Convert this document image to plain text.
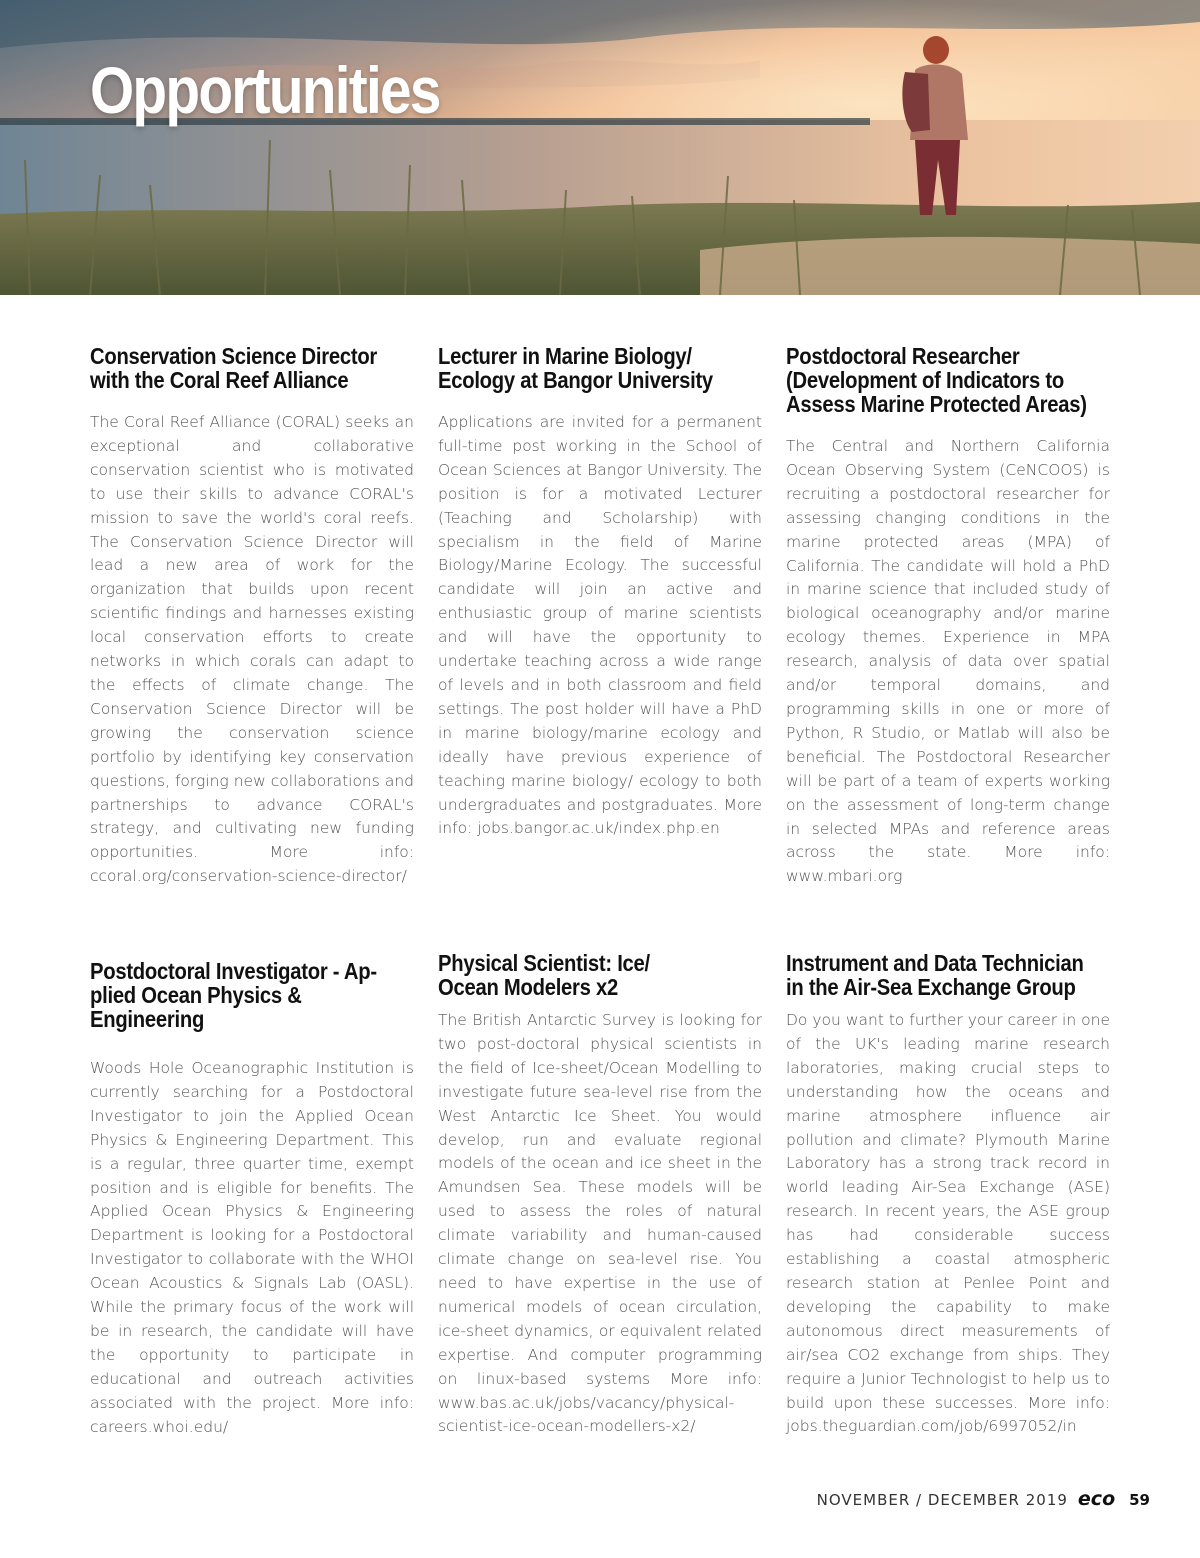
Opportunities
Conservation Science Director
with the Coral Reef Alliance

The Coral Reef Alliance (CORAL) seeks an exceptional and collaborative conservation scientist who is motivated to use their skills to advance CORAL's mission to save the world's coral reefs. The Conservation Science Director will lead a new area of work for the organization that builds upon recent scientific findings and harnesses existing local conservation efforts to create networks in which corals can adapt to the effects of climate change. The Conservation Science Director will be growing the conservation science portfolio by identifying key conservation questions, forging new collaborations and partnerships to advance CORAL's strategy, and cultivating new funding opportunities. More info: ccoral.org/conservation-science-director/

Lecturer in Marine Biology/
Ecology at Bangor University

Applications are invited for a permanent full-time post working in the School of Ocean Sciences at Bangor University. The position is for a motivated Lecturer (Teaching and Scholarship) with specialism in the field of Marine Biology/Marine Ecology. The successful candidate will join an active and enthusiastic group of marine scientists and will have the opportunity to undertake teaching across a wide range of levels and in both classroom and field settings. The post holder will have a PhD in marine biology/marine ecology and ideally have previous experience of teaching marine biology/ ecology to both undergraduates and postgraduates. More info: jobs.bangor.ac.uk/index.php.en

Postdoctoral Researcher
(Development of Indicators to
Assess Marine Protected Areas)

The Central and Northern California Ocean Observing System (CeNCOOS) is recruiting a postdoctoral researcher for assessing changing conditions in the marine protected areas (MPA) of California. The candidate will hold a PhD in marine science that included study of biological oceanography and/or marine ecology themes. Experience in MPA research, analysis of data over spatial and/or temporal domains, and programming skills in one or more of Python, R Studio, or Matlab will also be beneficial. The Postdoctoral Researcher will be part of a team of experts working on the assessment of long-term change in selected MPAs and reference areas across the state. More info: www.mbari.org

Postdoctoral Investigator - Ap-
plied Ocean Physics & Engineering

Woods Hole Oceanographic Institution is currently searching for a Postdoctoral Investigator to join the Applied Ocean Physics & Engineering Department. This is a regular, three quarter time, exempt position and is eligible for benefits. The Applied Ocean Physics & Engineering Department is looking for a Postdoctoral Investigator to collaborate with the WHOI Ocean Acoustics & Signals Lab (OASL). While the primary focus of the work will be in research, the candidate will have the opportunity to participate in educational and outreach activities associated with the project. More info: careers.whoi.edu/

Physical Scientist: Ice/
Ocean Modelers x2

The British Antarctic Survey is looking for two post-doctoral physical scientists in the field of Ice-sheet/Ocean Modelling to investigate future sea-level rise from the West Antarctic Ice Sheet. You would develop, run and evaluate regional models of the ocean and ice sheet in the Amundsen Sea. These models will be used to assess the roles of natural climate variability and human-caused climate change on sea-level rise. You need to have expertise in the use of numerical models of ocean circulation, ice-sheet dynamics, or equivalent related expertise. And computer programming on linux-based systems More info: www.bas.ac.uk/jobs/vacancy/physical-scientist-ice-ocean-modellers-x2/

Instrument and Data Technician
in the Air-Sea Exchange Group

Do you want to further your career in one of the UK's leading marine research laboratories, making crucial steps to understanding how the oceans and marine atmosphere influence air pollution and climate? Plymouth Marine Laboratory has a strong track record in world leading Air-Sea Exchange (ASE) research. In recent years, the ASE group has had considerable success establishing a coastal atmospheric research station at Penlee Point and developing the capability to make autonomous direct measurements of air/sea CO2 exchange from ships. They require a Junior Technologist to help us to build upon these successes. More info: jobs.theguardian.com/job/6997052/in

NOVEMBER / DECEMBER 2019 eco 59
